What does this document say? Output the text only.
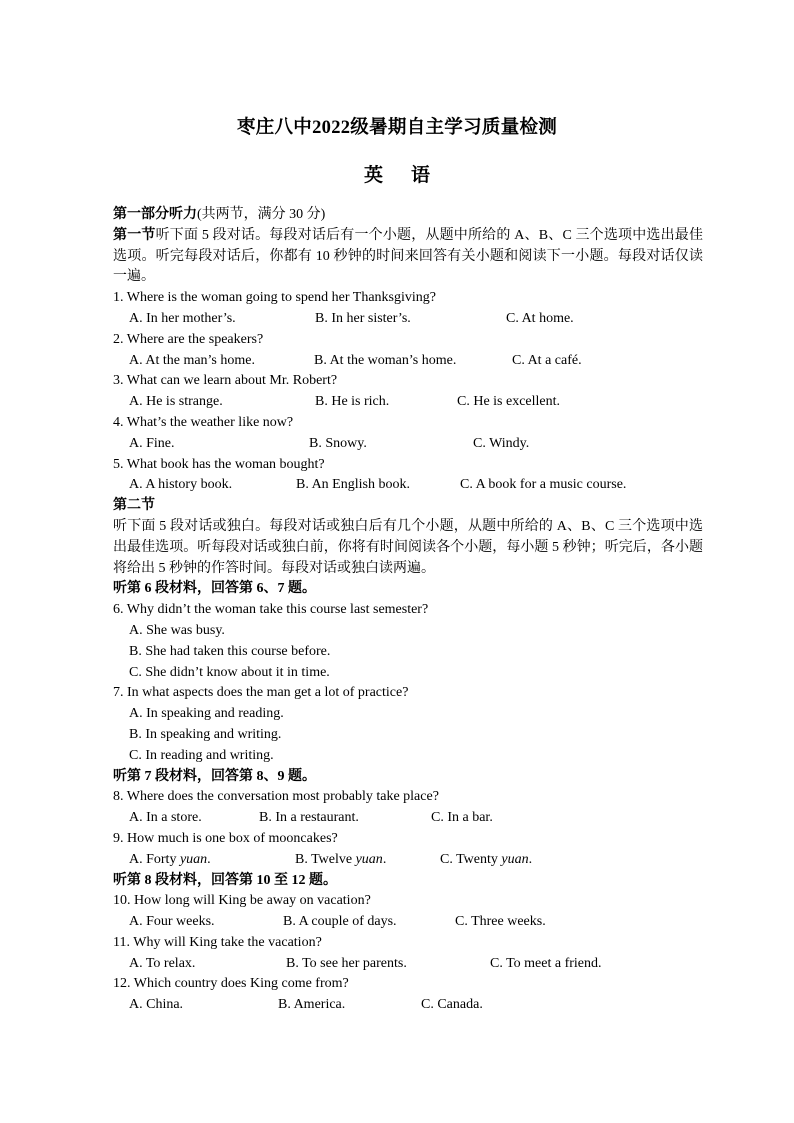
枣庄八中2022级暑期自主学习质量检测
英语
第一部分听力(共两节，满分 30 分)
第一节听下面 5 段对话。每段对话后有一个小题，从题中所给的 A、B、C 三个选项中选出最佳选项。听完每段对话后，你都有 10 秒钟的时间来回答有关小题和阅读下一小题。每段对话仅读一遍。
1. Where is the woman going to spend her Thanksgiving?
A. In her mother’s.	B. In her sister’s.	C. At home.
2. Where are the speakers?
A. At the man’s home.	B. At the woman’s home.	C. At a café.
3. What can we learn about Mr. Robert?
A. He is strange.	B. He is rich.	C. He is excellent.
4. What’s the weather like now?
A. Fine.	B. Snowy.	C. Windy.
5. What book has the woman bought?
A. A history book.	B. An English book.	C. A book for a music course.
第二节
听下面 5 段对话或独白。每段对话或独白后有几个小题，从题中所给的 A、B、C 三个选项中选出最佳选项。听每段对话或独白前，你将有时间阅读各个小题，每小题 5 秒钟；听完后，各小题将给出 5 秒钟的作答时间。每段对话或独白读两遍。
听第 6 段材料，回答第 6、7 题。
6. Why didn’t the woman take this course last semester?
A. She was busy.
B. She had taken this course before.
C. She didn’t know about it in time.
7. In what aspects does the man get a lot of practice?
A. In speaking and reading.
B. In speaking and writing.
C. In reading and writing.
听第 7 段材料，回答第 8、9 题。
8. Where does the conversation most probably take place?
A. In a store.	B. In a restaurant.	C. In a bar.
9. How much is one box of mooncakes?
A. Forty yuan.	B. Twelve yuan.	C. Twenty yuan.
听第 8 段材料，回答第 10 至 12 题。
10. How long will King be away on vacation?
A. Four weeks.	B. A couple of days.	C. Three weeks.
11. Why will King take the vacation?
A. To relax.	B. To see her parents.	C. To meet a friend.
12. Which country does King come from?
A. China.	B. America.	C. Canada.
